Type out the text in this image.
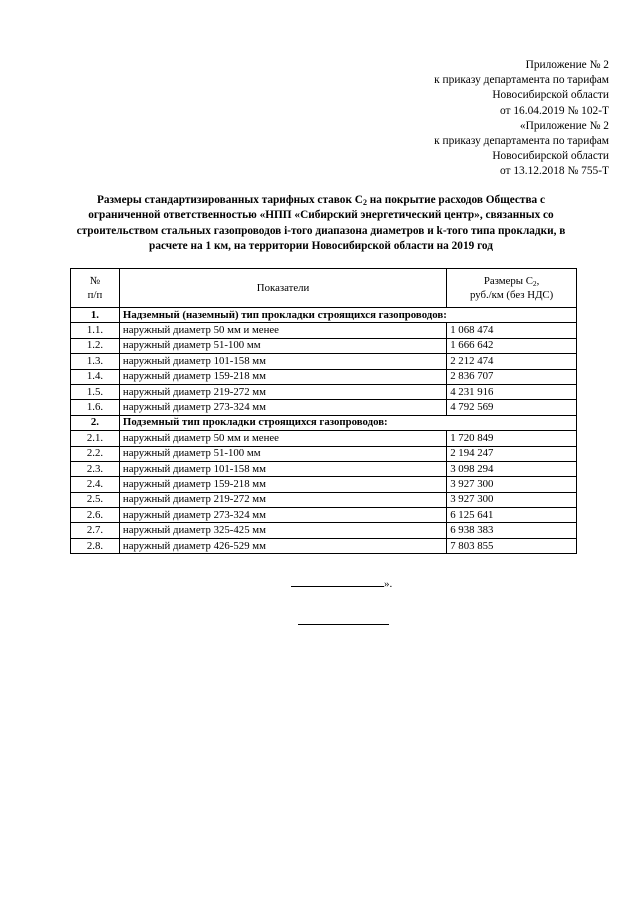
Приложение № 2
к приказу департамента по тарифам
Новосибирской области
от 16.04.2019 № 102-Т
«Приложение № 2
к приказу департамента по тарифам
Новосибирской области
от 13.12.2018 № 755-Т
Размеры стандартизированных тарифных ставок $С_2$ на покрытие расходов Общества с ограниченной ответственностью «НПП «Сибирский энергетический центр», связанных со строительством стальных газопроводов i-того диапазона диаметров и k-того типа прокладки, в расчете на 1 км, на территории Новосибирской области на 2019 год
№
п/п	Показатели	Размеры $С_2$,
руб./км (без НДС)
1.	Надземный (наземный) тип прокладки строящихся газопроводов:	
1.1.	наружный диаметр 50 мм и менее	1 068 474
1.2.	наружный диаметр 51-100 мм	1 666 642
1.3.	наружный диаметр 101-158 мм	2 212 474
1.4.	наружный диаметр 159-218 мм	2 836 707
1.5.	наружный диаметр 219-272 мм	4 231 916
1.6.	наружный диаметр 273-324 мм	4 792 569
2.	Подземный тип прокладки строящихся газопроводов:	
2.1.	наружный диаметр 50 мм и менее	1 720 849
2.2.	наружный диаметр 51-100 мм	2 194 247
2.3.	наружный диаметр 101-158 мм	3 098 294
2.4.	наружный диаметр 159-218 мм	3 927 300
2.5.	наружный диаметр 219-272 мм	3 927 300
2.6.	наружный диаметр 273-324 мм	6 125 641
2.7.	наружный диаметр 325-425 мм	6 938 383
2.8.	наружный диаметр 426-529 мм	7 803 855
».
